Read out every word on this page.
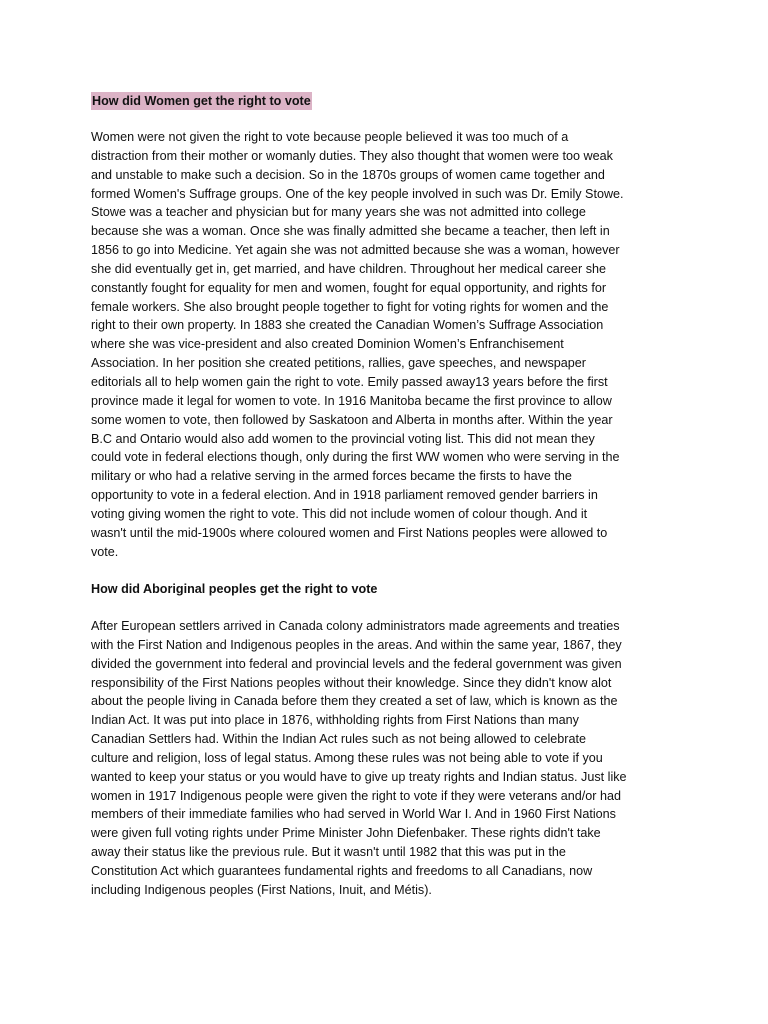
How did Women get the right to vote

Women were not given the right to vote because people believed it was too much of a
distraction from their mother or womanly duties. They also thought that women were too weak
and unstable to make such a decision. So in the 1870s groups of women came together and
formed Women's Suffrage groups. One of the key people involved in such was Dr. Emily Stowe.
Stowe was a teacher and physician but for many years she was not admitted into college
because she was a woman. Once she was finally admitted she became a teacher, then left in
1856 to go into Medicine. Yet again she was not admitted because she was a woman, however
she did eventually get in, get married, and have children. Throughout her medical career she
constantly fought for equality for men and women, fought for equal opportunity, and rights for
female workers. She also brought people together to fight for voting rights for women and the
right to their own property. In 1883 she created the Canadian Women’s Suffrage Association
where she was vice-president and also created Dominion Women’s Enfranchisement
Association. In her position she created petitions, rallies, gave speeches, and newspaper
editorials all to help women gain the right to vote. Emily passed away13 years before the first
province made it legal for women to vote. In 1916 Manitoba became the first province to allow
some women to vote, then followed by Saskatoon and Alberta in months after. Within the year
B.C and Ontario would also add women to the provincial voting list. This did not mean they
could vote in federal elections though, only during the first WW women who were serving in the
military or who had a relative serving in the armed forces became the firsts to have the
opportunity to vote in a federal election. And in 1918 parliament removed gender barriers in
voting giving women the right to vote. This did not include women of colour though. And it
wasn't until the mid-1900s where coloured women and First Nations peoples were allowed to
vote.

How did Aboriginal peoples get the right to vote

After European settlers arrived in Canada colony administrators made agreements and treaties
with the First Nation and Indigenous peoples in the areas. And within the same year, 1867, they
divided the government into federal and provincial levels and the federal government was given
responsibility of the First Nations peoples without their knowledge. Since they didn't know alot
about the people living in Canada before them they created a set of law, which is known as the
Indian Act. It was put into place in 1876, withholding rights from First Nations than many
Canadian Settlers had. Within the Indian Act rules such as not being allowed to celebrate
culture and religion, loss of legal status. Among these rules was not being able to vote if you
wanted to keep your status or you would have to give up treaty rights and Indian status. Just like
women in 1917 Indigenous people were given the right to vote if they were veterans and/or had
members of their immediate families who had served in World War I. And in 1960 First Nations
were given full voting rights under Prime Minister John Diefenbaker. These rights didn't take
away their status like the previous rule. But it wasn't until 1982 that this was put in the
Constitution Act which guarantees fundamental rights and freedoms to all Canadians, now
including Indigenous peoples (First Nations, Inuit, and Métis).
